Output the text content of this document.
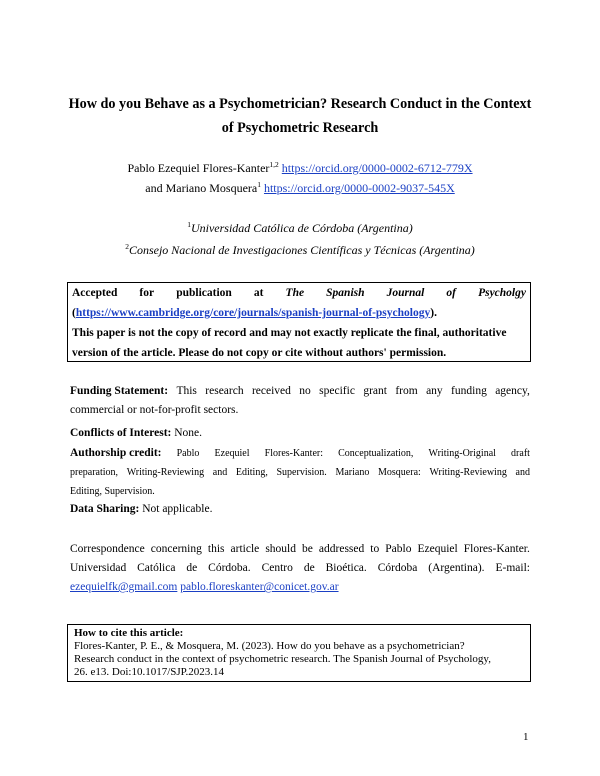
How do you Behave as a Psychometrician? Research Conduct in the Context
of Psychometric Research
Pablo Ezequiel Flores-Kanter$^{1,2}$ https://orcid.org/0000-0002-6712-779X
and Mariano Mosquera$^1$ https://orcid.org/0000-0002-9037-545X
$^1$Universidad Católica de Córdoba (Argentina)
$^2$Consejo Nacional de Investigaciones Científicas y Técnicas (Argentina)
Accepted for publication at The Spanish Journal of Psycholgy
(https://www.cambridge.org/core/journals/spanish-journal-of-psychology).
This paper is not the copy of record and may not exactly replicate the final, authoritative
version of the article. Please do not copy or cite without authors' permission.
Funding Statement: This research received no specific grant from any funding agency,
commercial or not-for-profit sectors.
Conflicts of Interest: None.
Authorship credit: Pablo Ezequiel Flores-Kanter: Conceptualization, Writing-Original draft
preparation, Writing-Reviewing and Editing, Supervision. Mariano Mosquera: Writing-Reviewing and
Editing, Supervision.
Data Sharing: Not applicable.
Correspondence concerning this article should be addressed to Pablo Ezequiel Flores-Kanter.
Universidad Católica de Córdoba. Centro de Bioética. Córdoba (Argentina). E-mail:
ezequielfk@gmail.com pablo.floreskanter@conicet.gov.ar
How to cite this article:
Flores-Kanter, P. E., & Mosquera, M. (2023). How do you behave as a psychometrician?
Research conduct in the context of psychometric research. The Spanish Journal of Psychology,
26. e13. Doi:10.1017/SJP.2023.14
1
